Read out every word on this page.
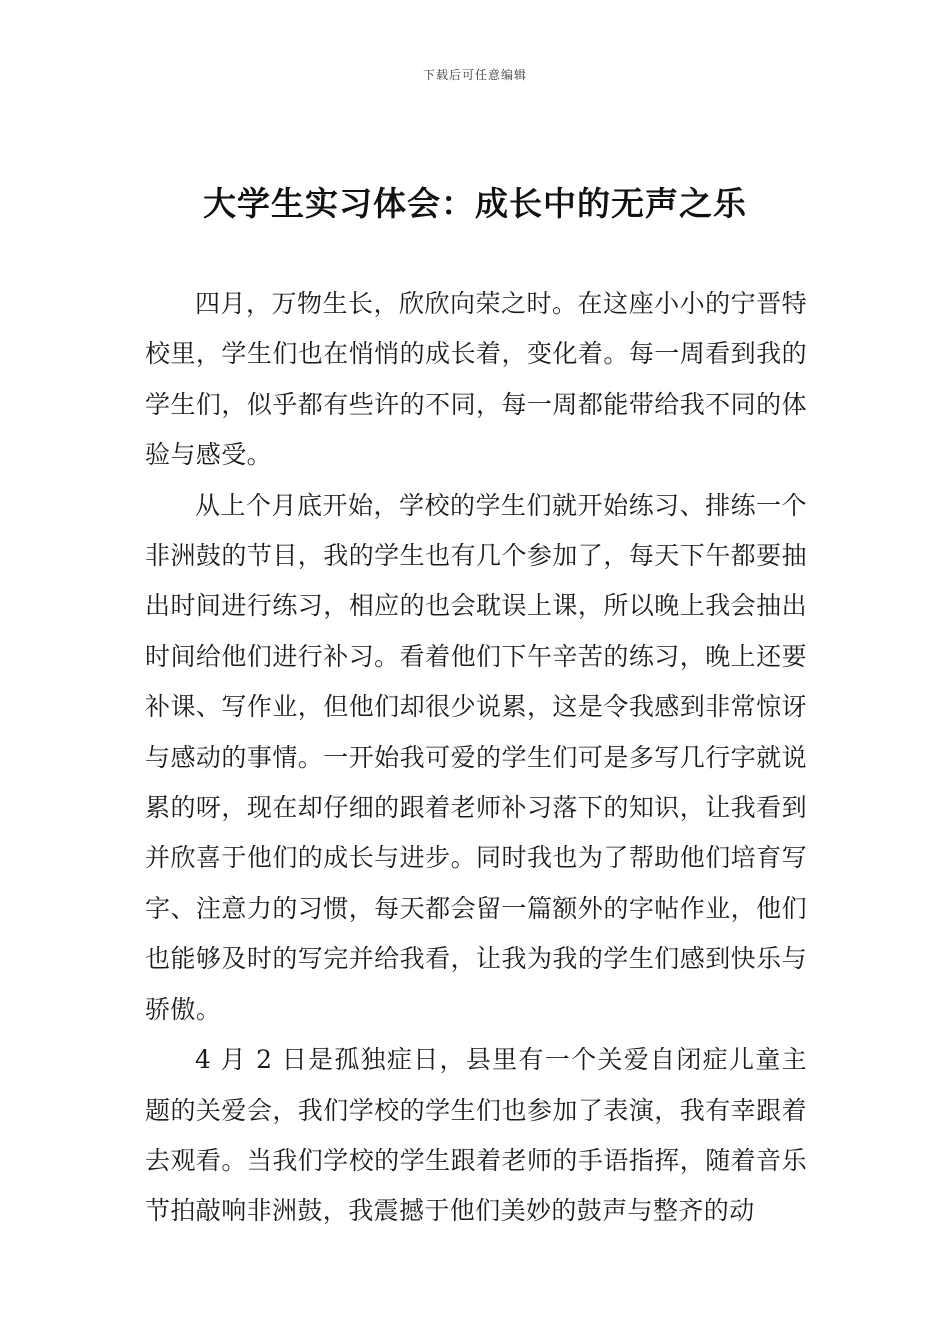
下载后可任意编辑
大学生实习体会：成长中的无声之乐

四月，万物生长，欣欣向荣之时。在这座小小的宁晋特校里，学生们也在悄悄的成长着，变化着。每一周看到我的学生们，似乎都有些许的不同，每一周都能带给我不同的体验与感受。

从上个月底开始，学校的学生们就开始练习、排练一个非洲鼓的节目，我的学生也有几个参加了，每天下午都要抽出时间进行练习，相应的也会耽误上课，所以晚上我会抽出时间给他们进行补习。看着他们下午辛苦的练习，晚上还要补课、写作业，但他们却很少说累，这是令我感到非常惊讶与感动的事情。一开始我可爱的学生们可是多写几行字就说累的呀，现在却仔细的跟着老师补习落下的知识，让我看到并欣喜于他们的成长与进步。同时我也为了帮助他们培育写字、注意力的习惯，每天都会留一篇额外的字帖作业，他们也能够及时的写完并给我看，让我为我的学生们感到快乐与骄傲。

4 月 2 日是孤独症日，县里有一个关爱自闭症儿童主题的关爱会，我们学校的学生们也参加了表演，我有幸跟着去观看。当我们学校的学生跟着老师的手语指挥，随着音乐节拍敲响非洲鼓，我震撼于他们美妙的鼓声与整齐的动
